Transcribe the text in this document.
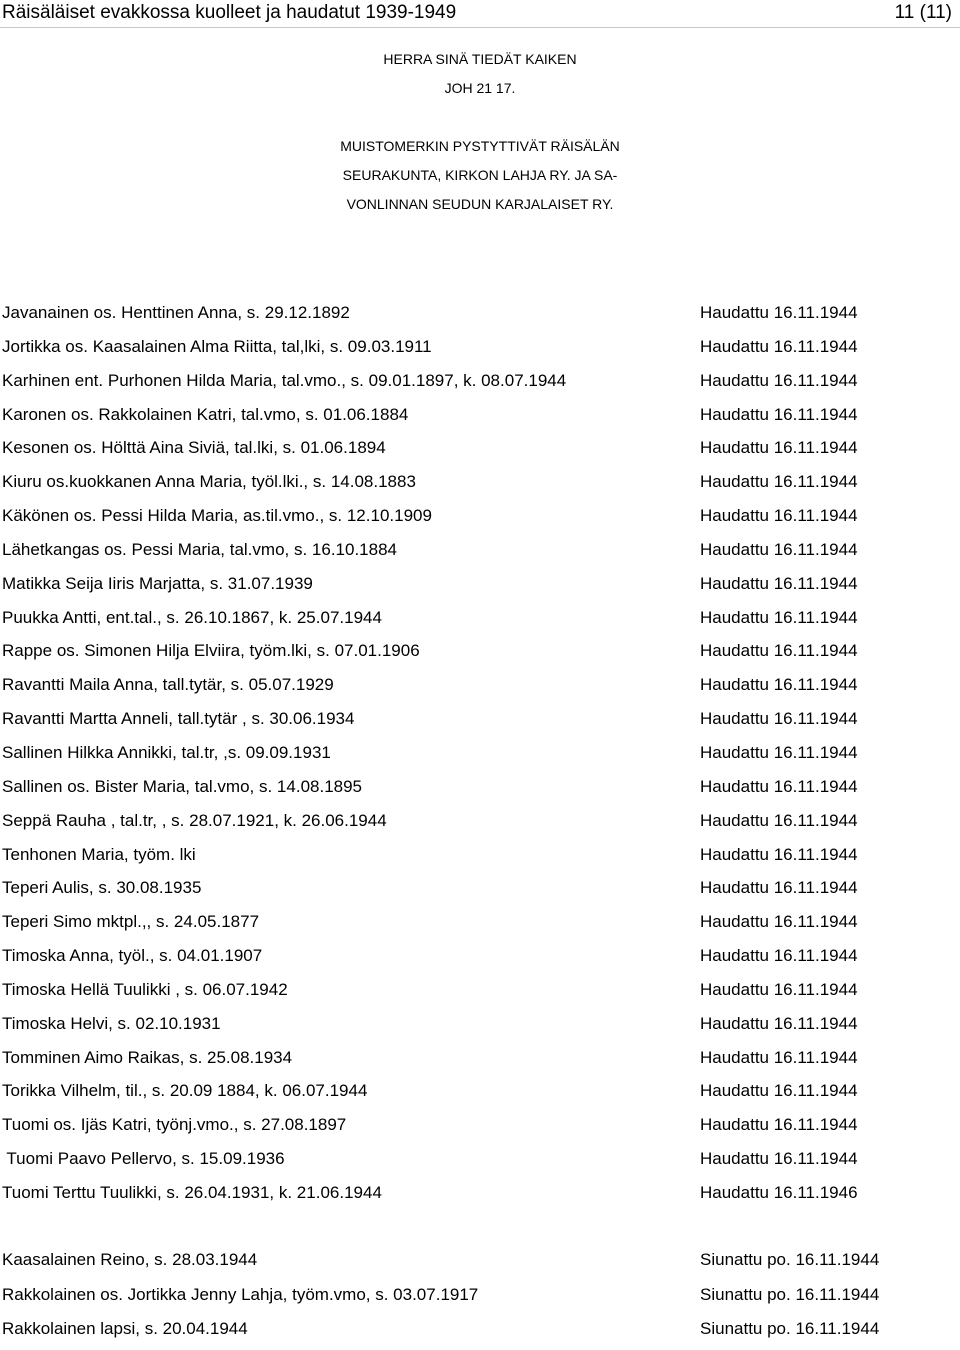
Räisäläiset evakkossa kuolleet ja haudatut 1939-1949	11 (11)
HERRA SINÄ TIEDÄT KAIKEN
JOH 21 17.
MUISTOMERKIN PYSTYTTIVÄT RÄISÄLÄN
SEURAKUNTA, KIRKON LAHJA RY. JA SA-
VONLINNAN SEUDUN KARJALAISET RY.
Javanainen os. Henttinen Anna, s. 29.12.1892	Haudattu 16.11.1944
Jortikka os. Kaasalainen Alma Riitta, tal,lki, s. 09.03.1911	Haudattu 16.11.1944
Karhinen ent. Purhonen Hilda Maria, tal.vmo., s. 09.01.1897, k. 08.07.1944	Haudattu 16.11.1944
Karonen os. Rakkolainen Katri, tal.vmo, s. 01.06.1884	Haudattu 16.11.1944
Kesonen os. Hölttä Aina Siviä, tal.lki, s. 01.06.1894	Haudattu 16.11.1944
Kiuru os.kuokkanen Anna Maria, työl.lki., s. 14.08.1883	Haudattu 16.11.1944
Käkönen os. Pessi Hilda Maria, as.til.vmo., s. 12.10.1909	Haudattu 16.11.1944
Lähetkangas os. Pessi Maria, tal.vmo, s. 16.10.1884	Haudattu 16.11.1944
Matikka Seija Iiris Marjatta, s. 31.07.1939	Haudattu 16.11.1944
Puukka Antti, ent.tal., s. 26.10.1867, k. 25.07.1944	Haudattu 16.11.1944
Rappe os. Simonen Hilja Elviira, työm.lki, s. 07.01.1906	Haudattu 16.11.1944
Ravantti Maila Anna, tall.tytär, s. 05.07.1929	Haudattu 16.11.1944
Ravantti Martta Anneli, tall.tytär , s. 30.06.1934	Haudattu 16.11.1944
Sallinen Hilkka Annikki, tal.tr, ,s. 09.09.1931	Haudattu 16.11.1944
Sallinen os. Bister Maria, tal.vmo, s. 14.08.1895	Haudattu 16.11.1944
Seppä Rauha , tal.tr, , s. 28.07.1921, k. 26.06.1944	Haudattu 16.11.1944
Tenhonen Maria, työm. lki	Haudattu 16.11.1944
Teperi Aulis, s. 30.08.1935	Haudattu 16.11.1944
Teperi Simo mktpl.,, s. 24.05.1877	Haudattu 16.11.1944
Timoska Anna, työl., s. 04.01.1907	Haudattu 16.11.1944
Timoska Hellä Tuulikki , s. 06.07.1942	Haudattu 16.11.1944
Timoska Helvi, s. 02.10.1931	Haudattu 16.11.1944
Tomminen Aimo Raikas, s. 25.08.1934	Haudattu 16.11.1944
Torikka Vilhelm, til., s. 20.09 1884, k. 06.07.1944	Haudattu 16.11.1944
Tuomi os. Ijäs Katri, työnj.vmo., s. 27.08.1897	Haudattu 16.11.1944
Tuomi Paavo Pellervo, s. 15.09.1936	Haudattu 16.11.1944
Tuomi Terttu Tuulikki, s. 26.04.1931, k. 21.06.1944	Haudattu 16.11.1946
Kaasalainen Reino, s. 28.03.1944	Siunattu po. 16.11.1944
Rakkolainen os. Jortikka Jenny Lahja, työm.vmo, s. 03.07.1917	Siunattu po. 16.11.1944
Rakkolainen lapsi, s. 20.04.1944	Siunattu po. 16.11.1944
